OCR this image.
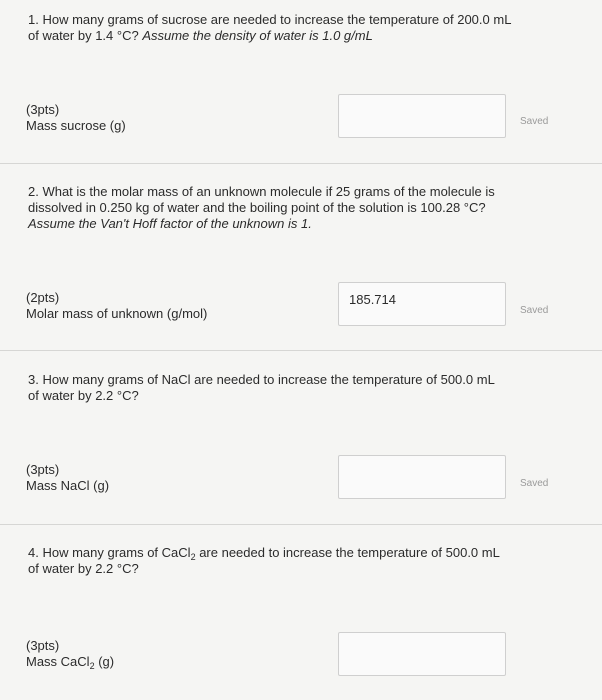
1. How many grams of sucrose are needed to increase the temperature of 200.0 mL of water by 1.4 °C? Assume the density of water is 1.0 g/mL
(3pts)
Mass sucrose (g)	Saved
2. What is the molar mass of an unknown molecule if 25 grams of the molecule is dissolved in 0.250 kg of water and the boiling point of the solution is 100.28 °C? Assume the Van't Hoff factor of the unknown is 1.
(2pts)
Molar mass of unknown (g/mol)
185.714	Saved
3. How many grams of NaCl are needed to increase the temperature of 500.0 mL of water by 2.2 °C?
(3pts)
Mass NaCl (g)	Saved
4. How many grams of CaCl$_2$ are needed to increase the temperature of 500.0 mL of water by 2.2 °C?
(3pts)
Mass CaCl$_2$ (g)
